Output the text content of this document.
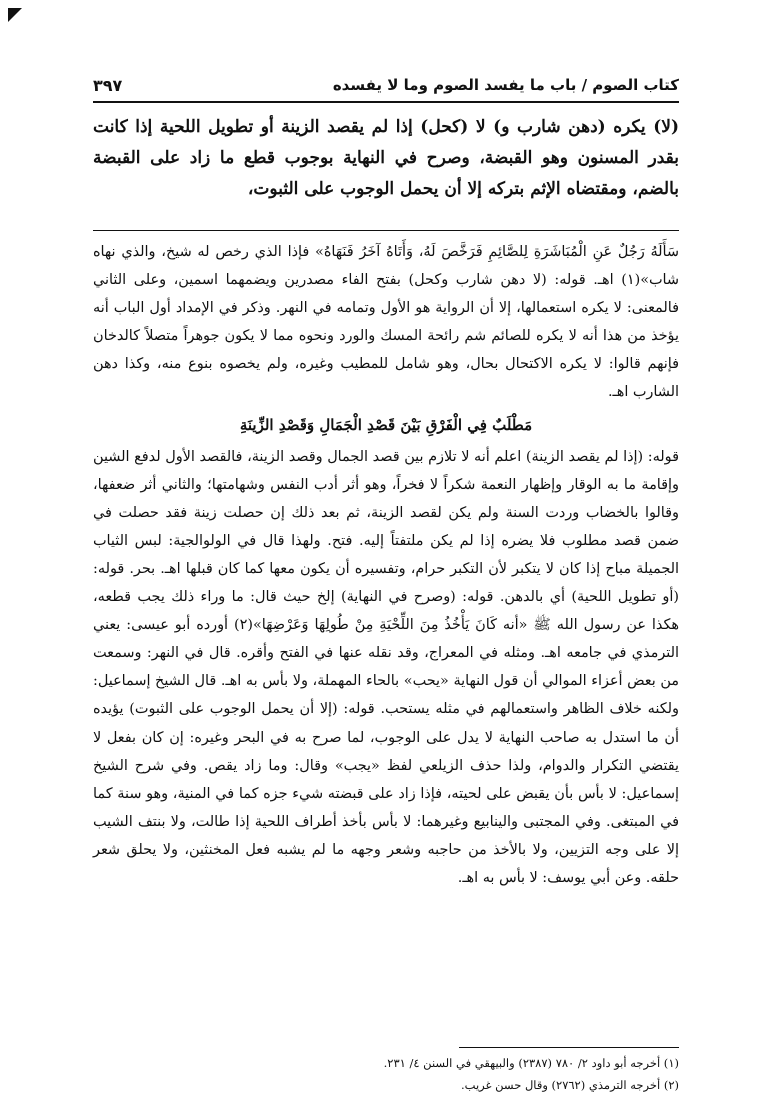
كتاب الصوم / باب ما يفسد الصوم وما لا يفسده
٣٩٧
(لا) يكره (دهن شارب و) لا (كحل) إذا لم يقصد الزينة أو تطويل اللحية إذا كانت بقدر المسنون وهو القبضة، وصرح في النهاية بوجوب قطع ما زاد على القبضة بالضم، ومقتضاه الإثم بتركه إلا أن يحمل الوجوب على الثبوت،

سَأَلَهُ رَجُلٌ عَنِ الْمُبَاشَرَةِ لِلصَّائِمِ فَرَخَّصَ لَهُ، وَأَتَاهُ آخَرُ فَنَهَاهُ» فإذا الذي رخص له شيخ، والذي نهاه شاب»(١) اهـ. قوله: (لا دهن شارب وكحل) بفتح الفاء مصدرين ويضمهما اسمين، وعلى الثاني فالمعنى: لا يكره استعمالها، إلا أن الرواية هو الأول وتمامه في النهر. وذكر في الإمداد أول الباب أنه يؤخذ من هذا أنه لا يكره للصائم شم رائحة المسك والورد ونحوه مما لا يكون جوهراً متصلاً كالدخان فإنهم قالوا: لا يكره الاكتحال بحال، وهو شامل للمطيب وغيره، ولم يخصوه بنوع منه، وكذا دهن الشارب اهـ.

مَطْلَبٌ فِي الْفَرْقِ بَيْنَ قَصْدِ الْجَمَالِ وَقَصْدِ الزِّينَةِ

قوله: (إذا لم يقصد الزينة) اعلم أنه لا تلازم بين قصد الجمال وقصد الزينة، فالقصد الأول لدفع الشين وإقامة ما به الوقار وإظهار النعمة شكراً لا فخراً، وهو أثر أدب النفس وشهامتها؛ والثاني أثر ضعفها، وقالوا بالخضاب وردت السنة ولم يكن لقصد الزينة، ثم بعد ذلك إن حصلت زينة فقد حصلت في ضمن قصد مطلوب فلا يضره إذا لم يكن ملتفتاً إليه. فتح. ولهذا قال في الولوالجية: لبس الثياب الجميلة مباح إذا كان لا يتكبر لأن التكبر حرام، وتفسيره أن يكون معها كما كان قبلها اهـ. بحر. قوله: (أو تطويل اللحية) أي بالدهن. قوله: (وصرح في النهاية) إلخ حيث قال: ما وراء ذلك يجب قطعه، هكذا عن رسول الله ﷺ «أنه كَانَ يَأْخُذُ مِنَ اللِّحْيَةِ مِنْ طُولِهَا وَعَرْضِهَا»(٢) أورده أبو عيسى: يعني الترمذي في جامعه اهـ. ومثله في المعراج، وقد نقله عنها في الفتح وأقره. قال في النهر: وسمعت من بعض أعزاء الموالي أن قول النهاية «يحب» بالحاء المهملة، ولا بأس به اهـ. قال الشيخ إسماعيل: ولكنه خلاف الظاهر واستعمالهم في مثله يستحب. قوله: (إلا أن يحمل الوجوب على الثبوت) يؤيده أن ما استدل به صاحب النهاية لا يدل على الوجوب، لما صرح به في البحر وغيره: إن كان بفعل لا يقتضي التكرار والدوام، ولذا حذف الزيلعي لفظ «يجب» وقال: وما زاد يقص. وفي شرح الشيخ إسماعيل: لا بأس بأن يقبض على لحيته، فإذا زاد على قبضته شيء جزه كما في المنية، وهو سنة كما في المبتغى. وفي المجتبى والينابيع وغيرهما: لا بأس بأخذ أطراف اللحية إذا طالت، ولا بنتف الشيب إلا على وجه التزيين، ولا بالأخذ من حاجبه وشعر وجهه ما لم يشبه فعل المخنثين، ولا يحلق شعر حلقه. وعن أبي يوسف: لا بأس به اهـ.

(١) أخرجه أبو داود ٢/ ٧٨٠ (٢٣٨٧) والبيهقي في السنن ٤/ ٢٣١.
(٢) أخرجه الترمذي (٢٧٦٢) وقال حسن غريب.
